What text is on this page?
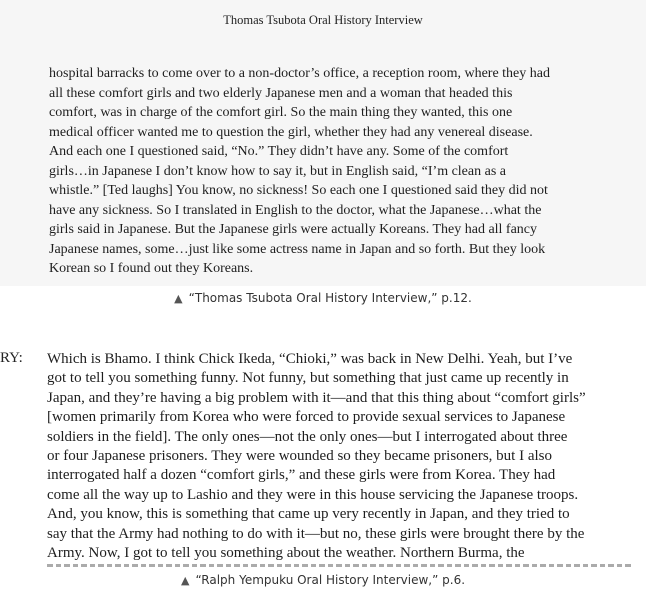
Thomas Tsubota Oral History Interview
hospital barracks to come over to a non-doctor’s office, a reception room, where they had
all these comfort girls and two elderly Japanese men and a woman that headed this
comfort, was in charge of the comfort girl. So the main thing they wanted, this one
medical officer wanted me to question the girl, whether they had any venereal disease.
And each one I questioned said, “No.” They didn’t have any. Some of the comfort
girls…in Japanese I don’t know how to say it, but in English said, “I’m clean as a
whistle.” [Ted laughs] You know, no sickness! So each one I questioned said they did not
have any sickness. So I translated in English to the doctor, what the Japanese…what the
girls said in Japanese. But the Japanese girls were actually Koreans. They had all fancy
Japanese names, some…just like some actress name in Japan and so forth. But they look
Korean so I found out they Koreans.
▲ “Thomas Tsubota Oral History Interview,” p.12.
RY: Which is Bhamo. I think Chick Ikeda, “Chioki,” was back in New Delhi. Yeah, but I’ve
got to tell you something funny. Not funny, but something that just came up recently in
Japan, and they’re having a big problem with it—and that this thing about “comfort girls”
[women primarily from Korea who were forced to provide sexual services to Japanese
soldiers in the field]. The only ones—not the only ones—but I interrogated about three
or four Japanese prisoners. They were wounded so they became prisoners, but I also
interrogated half a dozen “comfort girls,” and these girls were from Korea. They had
come all the way up to Lashio and they were in this house servicing the Japanese troops.
And, you know, this is something that came up very recently in Japan, and they tried to
say that the Army had nothing to do with it—but no, these girls were brought there by the
Army. Now, I got to tell you something about the weather. Northern Burma, the
▲ “Ralph Yempuku Oral History Interview,” p.6.
